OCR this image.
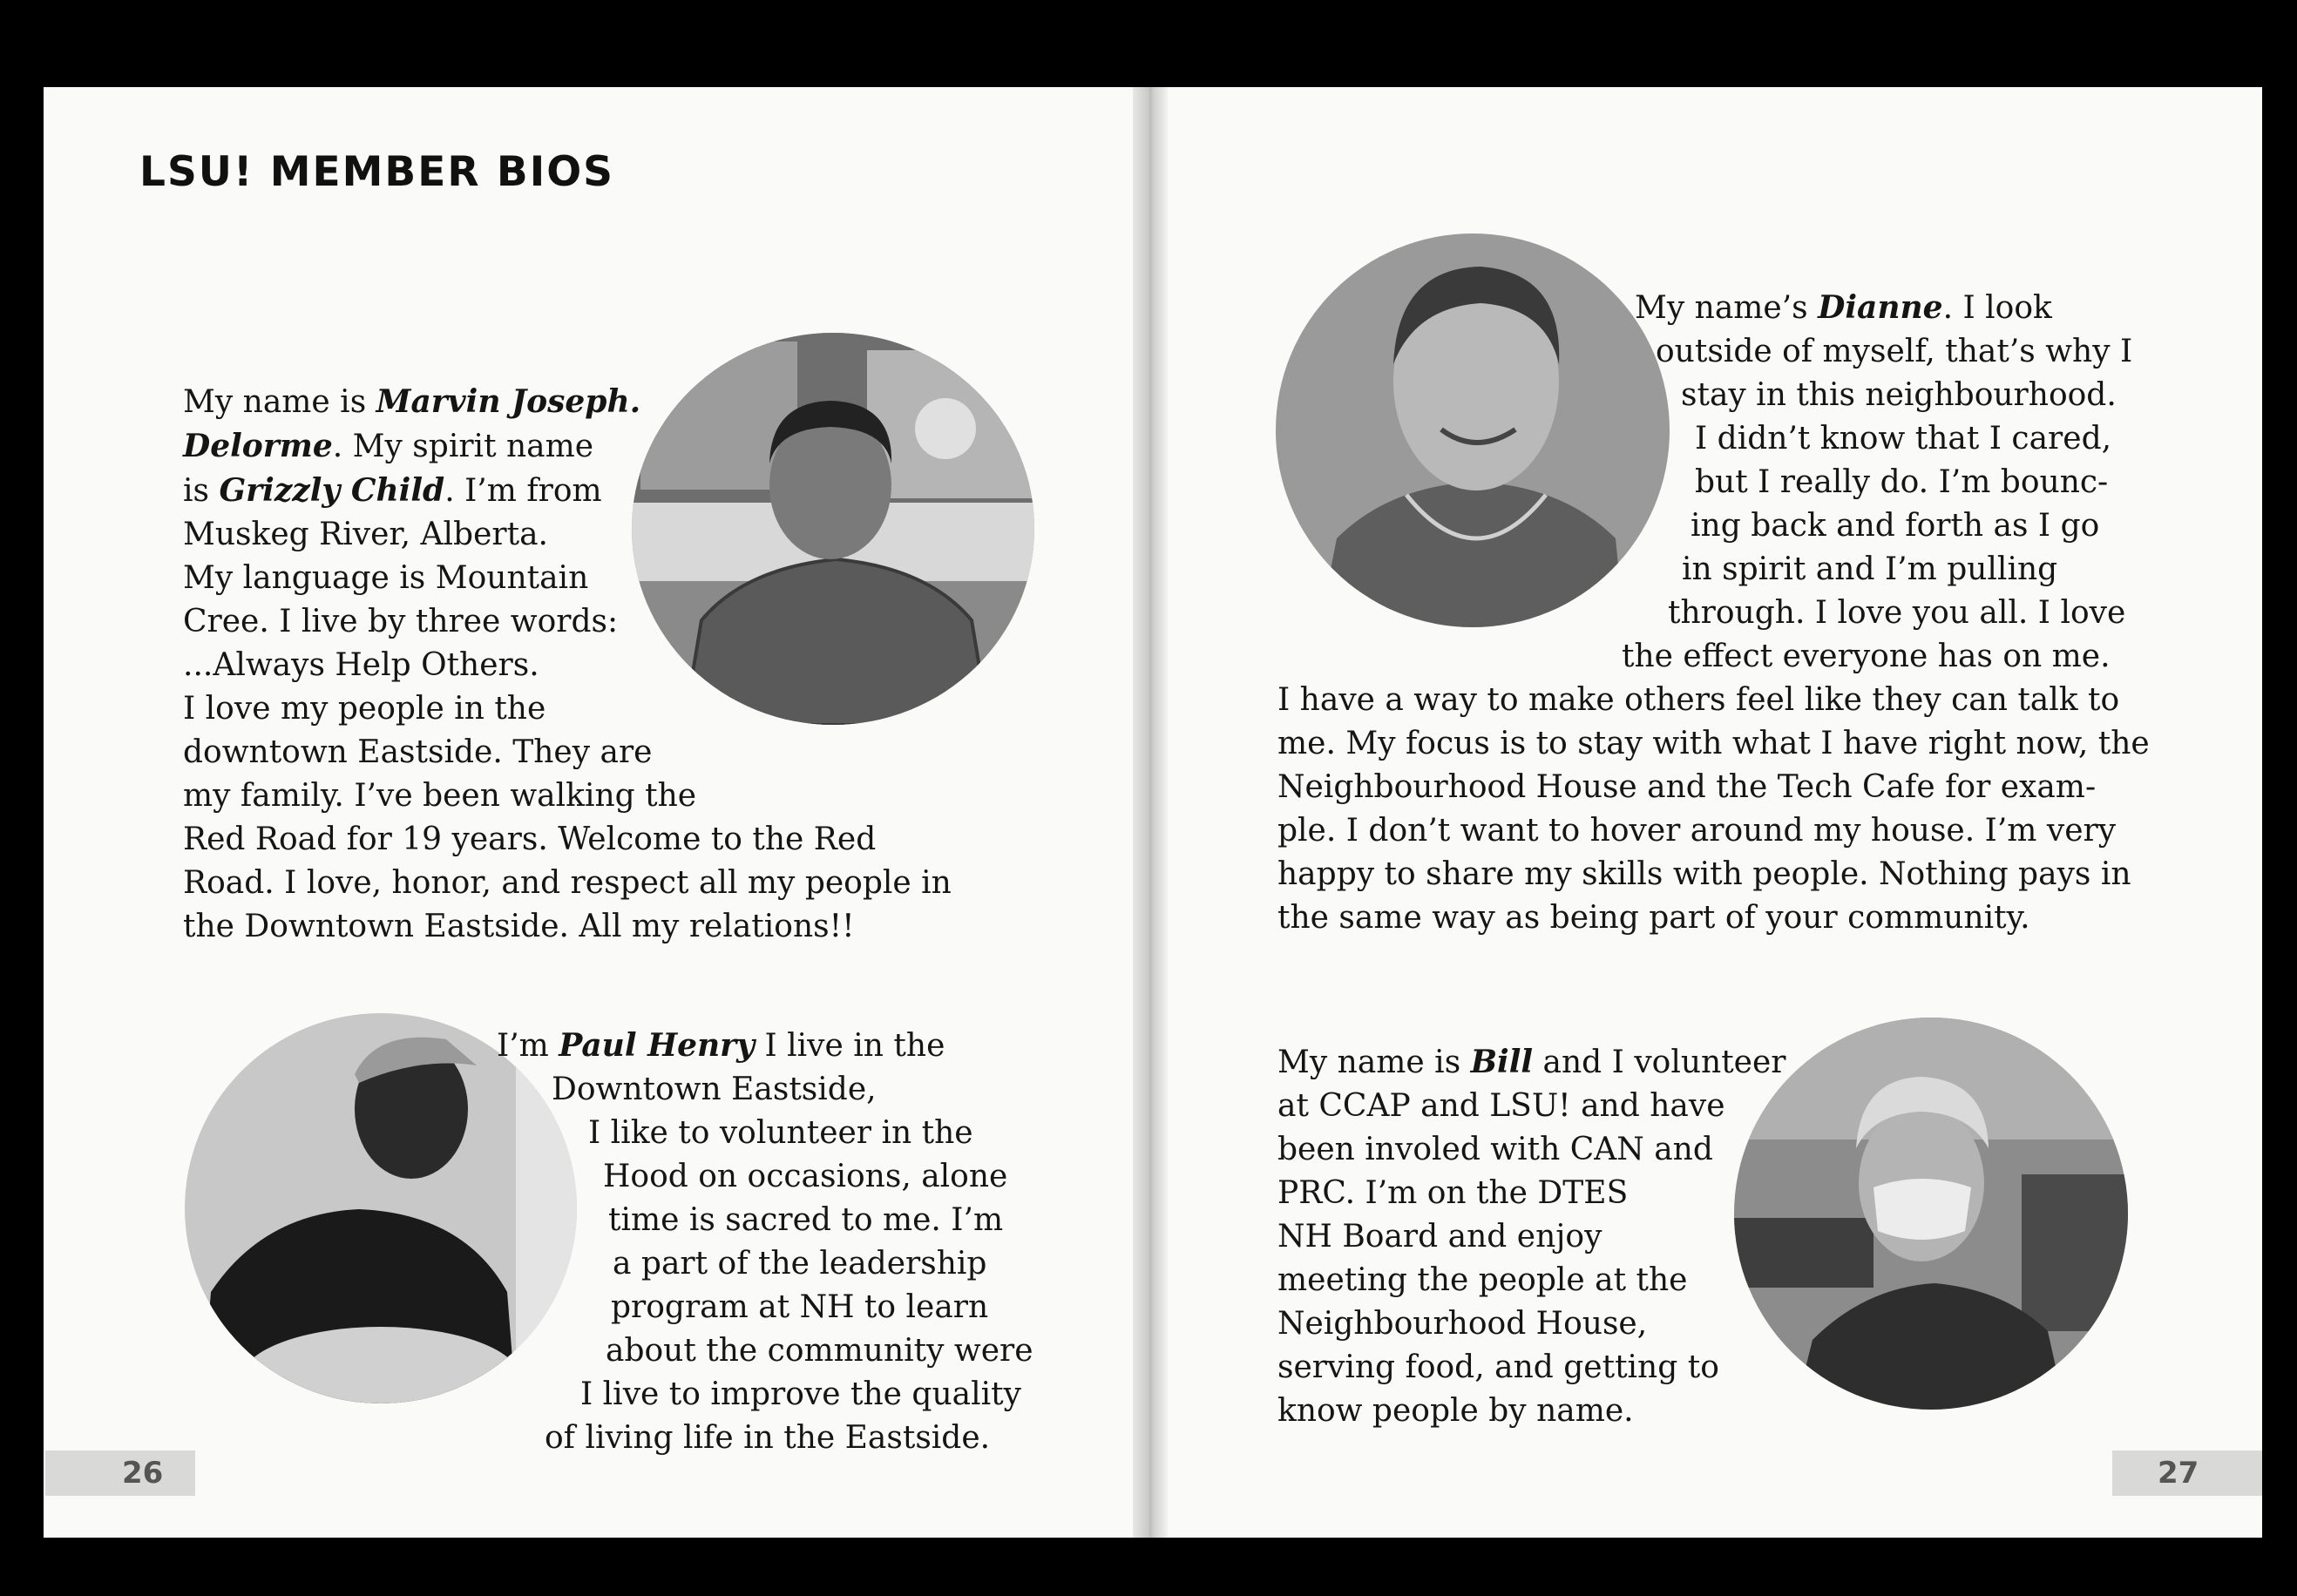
LSU! MEMBER BIOS

My name is Marvin Joseph.
Delorme. My spirit name
is Grizzly Child. I’m from
Muskeg River, Alberta.
My language is Mountain
Cree. I live by three words:
...Always Help Others.
I love my people in the
downtown Eastside. They are
my family. I’ve been walking the
Red Road for 19 years. Welcome to the Red
Road. I love, honor, and respect all my people in
the Downtown Eastside. All my relations!!

I’m Paul Henry I live in the
Downtown Eastside,
I like to volunteer in the
Hood on occasions, alone
time is sacred to me. I’m
a part of the leadership
program at NH to learn
about the community were
I live to improve the quality
of living life in the Eastside.

26

My name’s Dianne. I look
outside of myself, that’s why I
stay in this neighbourhood.
I didn’t know that I cared,
but I really do. I’m bounc-
ing back and forth as I go
in spirit and I’m pulling
through. I love you all. I love
the effect everyone has on me.
I have a way to make others feel like they can talk to
me. My focus is to stay with what I have right now, the
Neighbourhood House and the Tech Cafe for exam-
ple. I don’t want to hover around my house. I’m very
happy to share my skills with people. Nothing pays in
the same way as being part of your community.

My name is Bill and I volunteer
at CCAP and LSU! and have
been involed with CAN and
PRC. I’m on the DTES
NH Board and enjoy
meeting the people at the
Neighbourhood House,
serving food, and getting to
know people by name.

27
